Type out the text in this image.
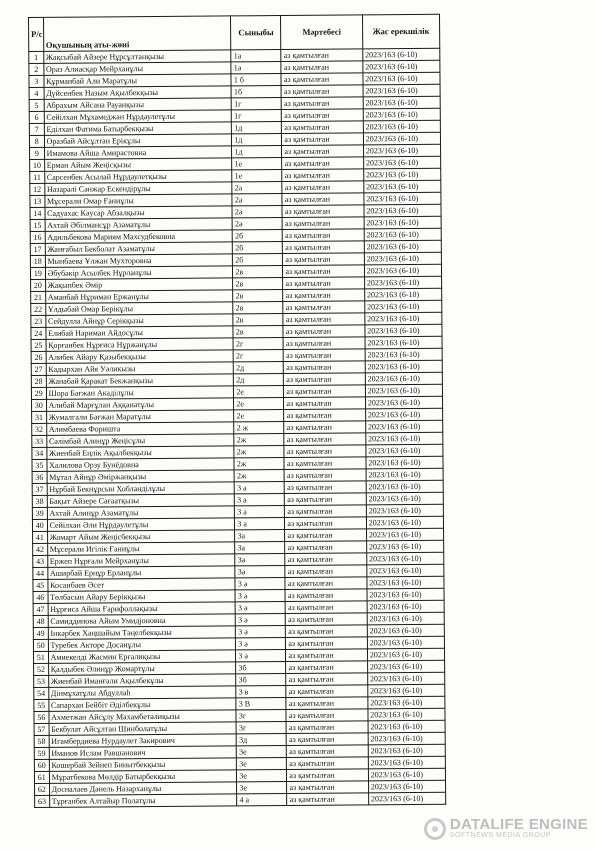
Р/с	Оқушының аты-жөні	Сыныбы	Мәртебесі	Жас ерекшілік
1	Жақсыбай Айзере Нұрсұлтанқызы	1а	аз қамтылған	2023/163 (6-10)
2	Ораз Алиасқар Мейрханұлы	1ә	аз қамтылған	2023/163 (6-10)
3	Құрманбай Али Маратұлы	1 б	аз қамтылған	2023/163 (6-10)
4	Дүйсенбек Назым Ақылбекқызы	1б	аз қамтылған	2023/163 (6-10)
5	Абрахым Айсана Рауанқызы	1г	аз қамтылған	2023/163 (6-10)
6	Сейілхан Мұхамеджан Нұрдаулетұлы	1г	аз қамтылған	2023/163 (6-10)
7	Еділхан Фатима Батырбекқызы	1д	аз қамтылған	2023/163 (6-10)
8	Оразбай Айсұлтан Ерікұлы	1д	аз қамтылған	2023/163 (6-10)
9	Имамова Айша Амирастовна	1д	аз қамтылған	2023/163 (6-10)
10	Ерман Айым Жеңісқызы	1е	аз қамтылған	2023/163 (6-10)
11	Сарсенбек Асылай Нұрдаулетқызы	1е	аз қамтылған	2023/163 (6-10)
12	Назарәлі Сәнжар Ескендірұлы	2а	аз қамтылған	2023/163 (6-10)
13	Мұсерали Омар Ғаниұлы	2а	аз қамтылған	2023/163 (6-10)
14	Садуахас Кәусар Абзалқызы	2ә	аз қамтылған	2023/163 (6-10)
15	Ахтай Әбілмансұр Азаматұлы	2ә	аз қамтылған	2023/163 (6-10)
16	Адильбекова Мариям Махсудбековна	2б	аз қамтылған	2023/163 (6-10)
17	Жанғабыл Бекболат Азаматұлы	2б	аз қамтылған	2023/163 (6-10)
18	Мынбаева Ұлжан Мухторовна	2б	аз қамтылған	2023/163 (6-10)
19	Әбубәкір Асылбек Нұрланұлы	2в	аз қамтылған	2023/163 (6-10)
20	Жақыпбек Әмір	2в	аз қамтылған	2023/163 (6-10)
21	Аманбай Нұриман Ержанұлы	2в	аз қамтылған	2023/163 (6-10)
22	Ұлдыбай Омар Берікұлы	2в	аз қамтылған	2023/163 (6-10)
23	Сейдулла Айнұр Серікқызы	2в	аз қамтылған	2023/163 (6-10)
24	Елибай Нариман Айдосұлы	2в	аз қамтылған	2023/163 (6-10)
25	Қорғанбек Нұрғиса Нұржанұлы	2г	аз қамтылған	2023/163 (6-10)
26	Алибек Айару Қазыбекқызы	2г	аз қамтылған	2023/163 (6-10)
27	Кадырхан Айя Уәликызы	2д	аз қамтылған	2023/163 (6-10)
28	Жанабай Қаракат Бекжанқызы	2д	аз қамтылған	2023/163 (6-10)
29	Шора Бағжан Акаділұлы	2е	аз қамтылған	2023/163 (6-10)
30	Алибай Марғұлан Аққанатұлы	2е	аз қамтылған	2023/163 (6-10)
31	Жумалгали Бағжан Маратұлы	2е	аз қамтылған	2023/163 (6-10)
32	Алимбаева Форишта	2 ж	аз қамтылған	2023/163 (6-10)
33	Сәлімбай Алинұр Жеңісұлы	2ж	аз қамтылған	2023/163 (6-10)
34	Жиенбай Еңлік Ақылбекқызы	2ж	аз қамтылған	2023/163 (6-10)
35	Халилова Орзу Бунёдовна	2ж	аз қамтылған	2023/163 (6-10)
36	Мұтал Айнұр Әміржанқызы	2ж	аз қамтылған	2023/163 (6-10)
37	Нұрбай Бекнұрсын Хобланділұлы	3 а	аз қамтылған	2023/163 (6-10)
38	Бақыт Айзере Сағаатқызы	3 а	аз қамтылған	2023/163 (6-10)
39	Ахтай Алинұр Азаматұлы	3 а	аз қамтылған	2023/163 (6-10)
40	Сейілхан Әли Нұрдәулетұлы	3 а	аз қамтылған	2023/163 (6-10)
41	Жомарт Айым Жеңісбекқызы	3а	аз қамтылған	2023/163 (6-10)
42	Мұсерали Игілік Ғаниұлы	3а	аз қамтылған	2023/163 (6-10)
43	Ержеп Нұрғали Мейрханұлы	3ә	аз қамтылған	2023/163 (6-10)
44	Аширбай Ернұр Ерланұлы	3ә	аз қамтылған	2023/163 (6-10)
45	Косанбаев Әсет	3 ә	аз қамтылған	2023/163 (6-10)
46	Төлбасын Айару Берікқызы	3 ә	аз қамтылған	2023/163 (6-10)
47	Нұрғиса Айша Ғарифоллақызы	3 ә	аз қамтылған	2023/163 (6-10)
48	Самиддинова Айым Умидjоновна	3 ә	аз қамтылған	2023/163 (6-10)
49	Інкәрбек Хаңшайым Тәңелбекқызы	3 ә	аз қамтылған	2023/163 (6-10)
50	Туребек Акторе Досанұлы	3 ә	аз қамтылған	2023/163 (6-10)
51	Амиекелді Жасмин Ерғалиқызы	3 ә	аз қамтылған	2023/163 (6-10)
52	Қалдыбек Әлинұр Жомартұлы	3б	аз қамтылған	2023/163 (6-10)
53	Жиенбай Иманғали Ақылбекұлы	3б	аз қамтылған	2023/163 (6-10)
54	Дінмұхатұлы Абдуллаһ	3 в	аз қамтылған	2023/163 (6-10)
55	Сапархан Бейбіт Әділбекұлы	3 В	аз қамтылған	2023/163 (6-10)
56	Ахметжан Айсұлу Махамбетәлиқызы	3г	аз қамтылған	2023/163 (6-10)
57	Бекбулат Айсұлтан Шинболатұлы	3г	аз қамтылған	2023/163 (6-10)
58	Игамбердиева Нурдаулет Закирович	3д	аз қамтылған	2023/163 (6-10)
59	Иманов Ислам Равшанович	3е	аз қамтылған	2023/163 (6-10)
60	Кошербай Зейнеп Бинытбекқызы	3е	аз қамтылған	2023/163 (6-10)
61	Мұратбекова Мөлдір Батырбекқызы	3е	аз қамтылған	2023/163 (6-10)
62	Досналаев Дәнель Назарханұлы	3е	аз қамтылған	2023/163 (6-10)
63	Тұрғанбек Алтайыр Полатұлы	4 а	аз қамтылған	2023/163 (6-10)
DATALIFE ENGINE
SOFTNEWS MEDIA GROUP
